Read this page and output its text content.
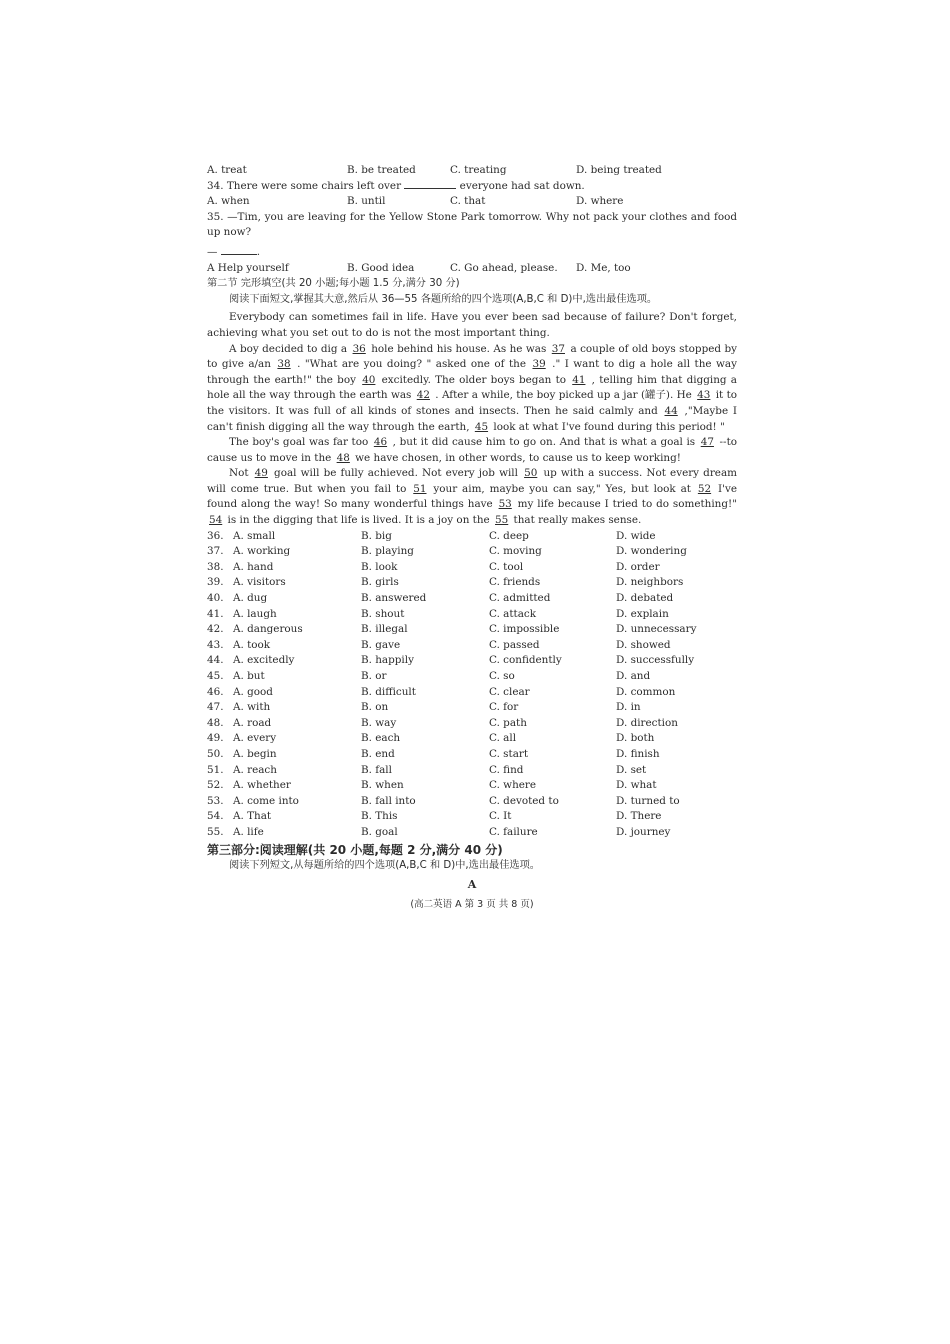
A. treat	B. be treated	C. treating	D. being treated
34. There were some chairs left over	everyone had sat down.
A. when	B. until	C. that	D. where
35. —Tim, you are leaving for the Yellow Stone Park tomorrow. Why not pack your clothes and food up now?
—	.
A Help yourself	B. Good idea	C. Go ahead, please.	D. Me, too
第二节 完形填空(共 20 小题;每小题 1.5 分,满分 30 分)
阅读下面短文,掌握其大意,然后从 36—55 各题所给的四个选项(A,B,C 和 D)中,选出最佳选项。
Everybody can sometimes fail in life. Have you ever been sad because of failure? Don't forget, achieving what you set out to do is not the most important thing.
A boy decided to dig a 36 hole behind his house. As he was 37 a couple of old boys stopped by to give a/an 38 . "What are you doing? " asked one of the 39 ." I want to dig a hole all the way through the earth!" the boy 40 excitedly. The older boys began to 41 , telling him that digging a hole all the way through the earth was 42 . After a while, the boy picked up a jar (罐子). He 43 it to the visitors. It was full of all kinds of stones and insects. Then he said calmly and 44 ,"Maybe I can't finish digging all the way through the earth, 45 look at what I've found during this period! "
The boy's goal was far too 46 , but it did cause him to go on. And that is what a goal is 47 --to cause us to move in the 48 we have chosen, in other words, to cause us to keep working!
Not 49 goal will be fully achieved. Not every job will 50 up with a success. Not every dream will come true. But when you fail to 51 your aim, maybe you can say," Yes, but look at 52 I've found along the way! So many wonderful things have 53 my life because I tried to do something!" 54 is in the digging that life is lived. It is a joy on the 55 that really makes sense.
36. A. small	B. big	C. deep	D. wide
37. A. working	B. playing	C. moving	D. wondering
38. A. hand	B. look	C. tool	D. order
39. A. visitors	B. girls	C. friends	D. neighbors
40. A. dug	B. answered	C. admitted	D. debated
41. A. laugh	B. shout	C. attack	D. explain
42. A. dangerous	B. illegal	C. impossible	D. unnecessary
43. A. took	B. gave	C. passed	D. showed
44. A. excitedly	B. happily	C. confidently	D. successfully
45. A. but	B. or	C. so	D. and
46. A. good	B. difficult	C. clear	D. common
47. A. with	B. on	C. for	D. in
48. A. road	B. way	C. path	D. direction
49. A. every	B. each	C. all	D. both
50. A. begin	B. end	C. start	D. finish
51. A. reach	B. fall	C. find	D. set
52. A. whether	B. when	C. where	D. what
53. A. come into	B. fall into	C. devoted to	D. turned to
54. A. That	B. This	C. It	D. There
55. A. life	B. goal	C. failure	D. journey
第三部分:阅读理解(共 20 小题,每题 2 分,满分 40 分)
阅读下列短文,从每题所给的四个选项(A,B,C 和 D)中,选出最佳选项。
A
(高二英语 A 第 3 页 共 8 页)
